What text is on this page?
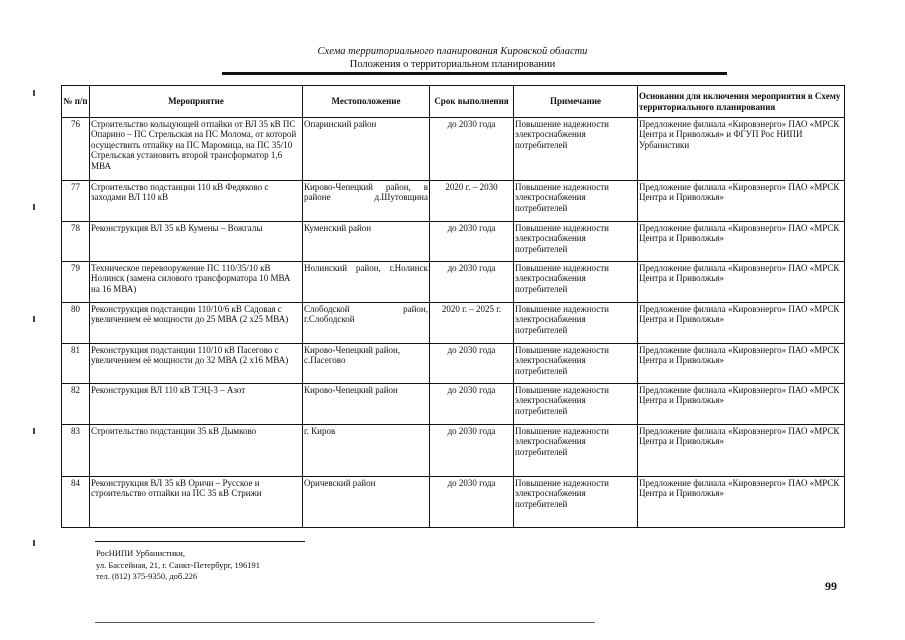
Схема территориального планирования Кировской области
Положения о территориальном планировании
№ п/п	Мероприятие	Местоположение	Срок выполнения	Примечание	Основания для включения мероприятия в Схему территориального планирования
76	Строительство кольцующей отпайки от ВЛ 35 кВ ПС Опарино – ПС Стрельская на ПС Молома, от которой осуществить отпайку на ПС Маромица, на ПС 35/10 Стрельская установить второй трансформатор 1,6 МВА	Опаринский район	до 2030 года	Повышение надежности электроснабжения потребителей	Предложение филиала «Кировэнерго» ПАО «МРСК Центра и Приволжья» и ФГУП Рос НИПИ Урбанистики
77	Строительство подстанции 110 кВ Федяково с заходами ВЛ 110 кВ	Кирово-Чепецкий район, в районе д.Шутовщина	2020 г. – 2030	Повышение надежности электроснабжения потребителей	Предложение филиала «Кировэнерго» ПАО «МРСК Центра и Приволжья»
78	Реконструкция ВЛ 35 кВ Кумены – Вожгалы	Куменский район	до 2030 года	Повышение надежности электроснабжения потребителей	Предложение филиала «Кировэнерго» ПАО «МРСК Центра и Приволжья»
79	Техническое перевооружение ПС 110/35/10 кВ Нолинск (замена силового трансформатора 10 МВА на 16 МВА)	Нолинский район, г.Нолинск	до 2030 года	Повышение надежности электроснабжения потребителей	Предложение филиала «Кировэнерго» ПАО «МРСК Центра и Приволжья»
80	Реконструкция подстанции 110/10/6 кВ Садовая с увеличением её мощности до 25 МВА (2 х25 МВА)	Слободской район, г.Слободской	2020 г. – 2025 г.	Повышение надежности электроснабжения потребителей	Предложение филиала «Кировэнерго» ПАО «МРСК Центра и Приволжья»
81	Реконструкция подстанции 110/10 кВ Пасегово с увеличением её мощности до 32 МВА (2 х16 МВА)	Кирово-Чепецкий район, с.Пасегово	до 2030 года	Повышение надежности электроснабжения потребителей	Предложение филиала «Кировэнерго» ПАО «МРСК Центра и Приволжья»
82	Реконструкция ВЛ 110 кВ ТЭЦ-3 – Азот	Кирово-Чепецкий район	до 2030 года	Повышение надежности электроснабжения потребителей	Предложение филиала «Кировэнерго» ПАО «МРСК Центра и Приволжья»
83	Строительство подстанции 35 кВ Дымково	г. Киров	до 2030 года	Повышение надежности электроснабжения потребителей	Предложение филиала «Кировэнерго» ПАО «МРСК Центра и Приволжья»
84	Реконструкция ВЛ 35 кВ Оричи – Русское и строительство отпайки на ПС 35 кВ Стрижи	Оричевский район	до 2030 года	Повышение надежности электроснабжения потребителей	Предложение филиала «Кировэнерго» ПАО «МРСК Центра и Приволжья»
РосНИПИ Урбанистики,
ул. Бассейная, 21, г. Санкт-Петербург, 196191
тел. (812) 375-9350, доб.226
99
